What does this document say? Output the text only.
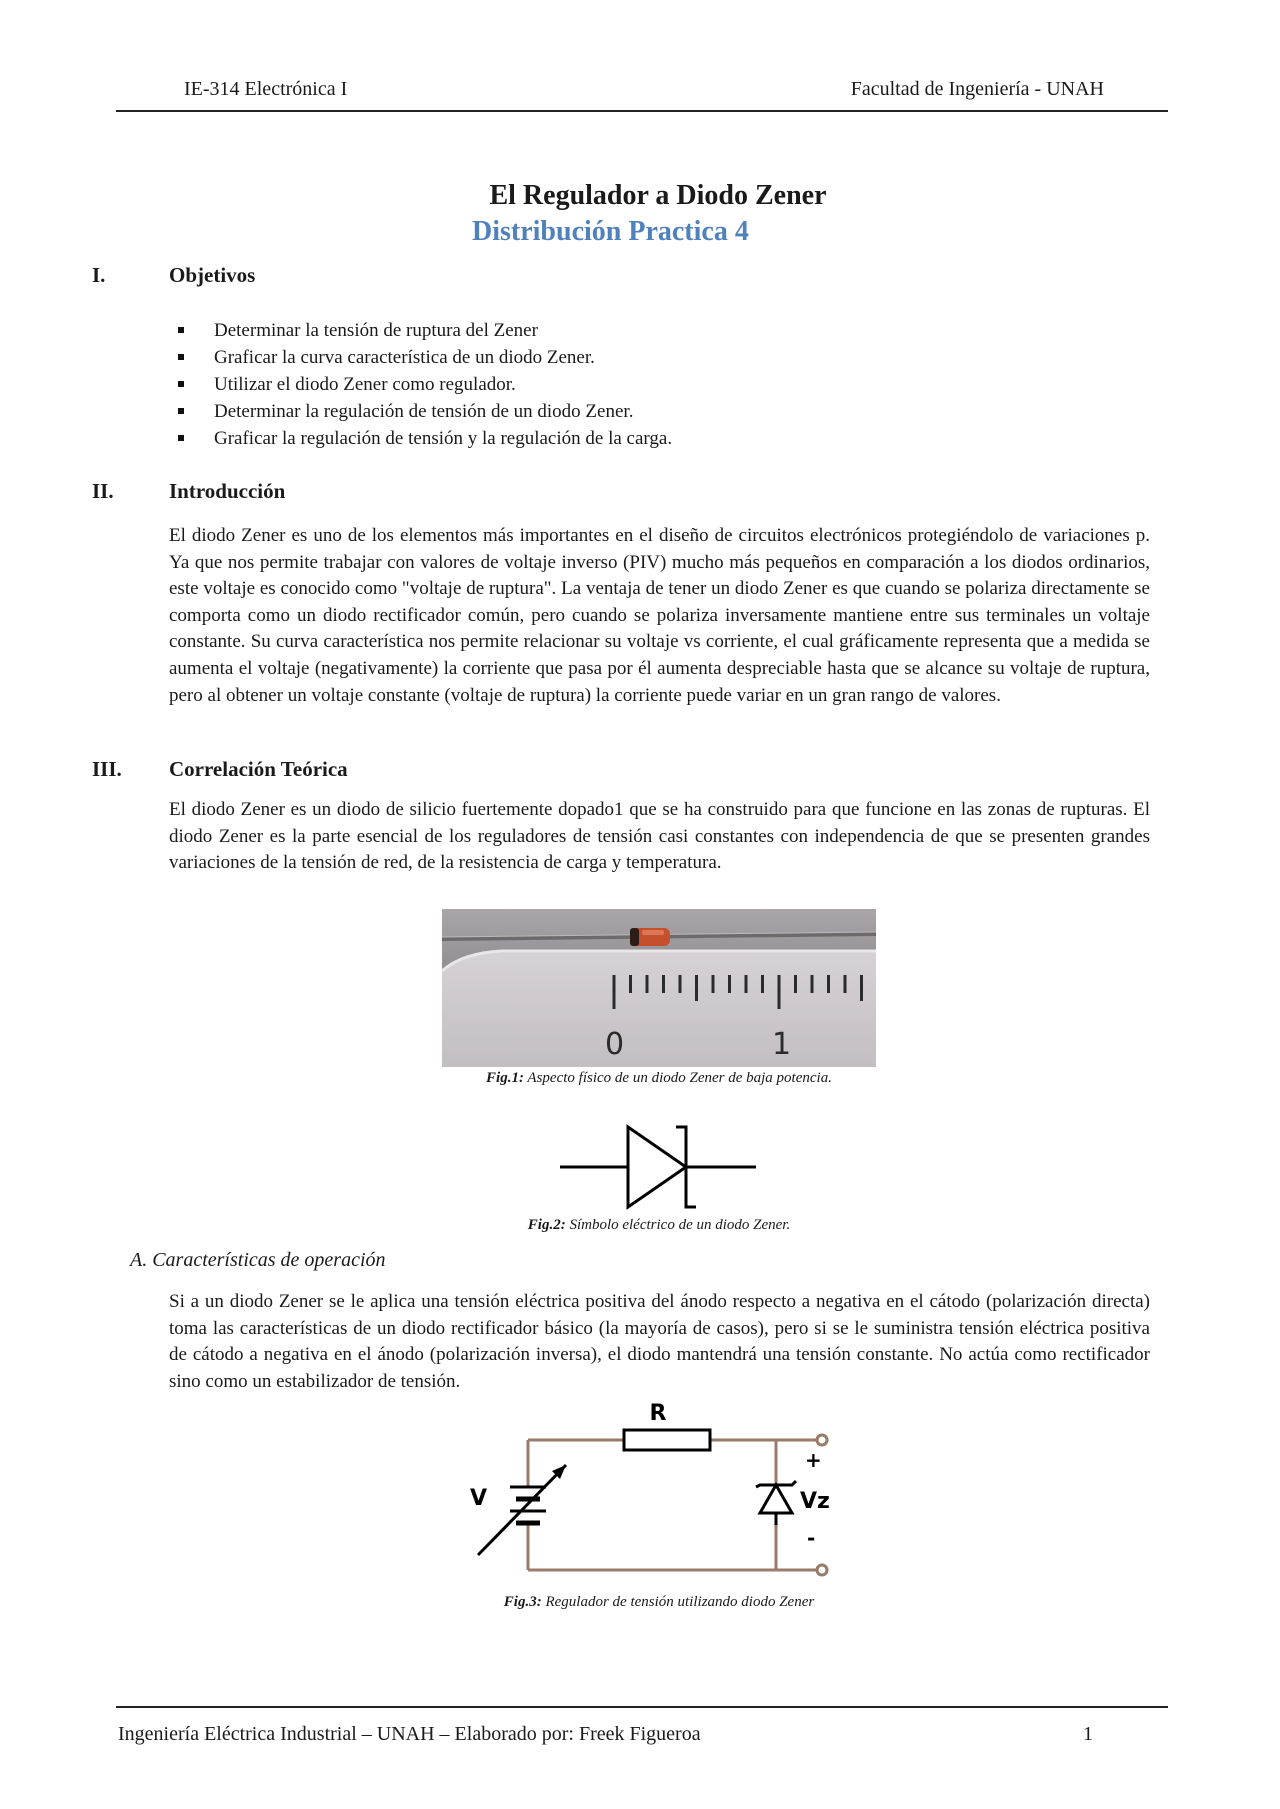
IE-314 Electrónica I	Facultad de Ingeniería - UNAH
El Regulador a Diodo Zener
Distribución Practica 4
I.	Objetivos
Determinar la tensión de ruptura del Zener
Graficar la curva característica de un diodo Zener.
Utilizar el diodo Zener como regulador.
Determinar la regulación de tensión de un diodo Zener.
Graficar la regulación de tensión y la regulación de la carga.
II.	Introducción
El diodo Zener es uno de los elementos más importantes en el diseño de circuitos electrónicos protegiéndolo de variaciones p. Ya que nos permite trabajar con valores de voltaje inverso (PIV) mucho más pequeños en comparación a los diodos ordinarios, este voltaje es conocido como "voltaje de ruptura". La ventaja de tener un diodo Zener es que cuando se polariza directamente se comporta como un diodo rectificador común, pero cuando se polariza inversamente mantiene entre sus terminales un voltaje constante. Su curva característica nos permite relacionar su voltaje vs corriente, el cual gráficamente representa que a medida se aumenta el voltaje (negativamente) la corriente que pasa por él aumenta despreciable hasta que se alcance su voltaje de ruptura, pero al obtener un voltaje constante (voltaje de ruptura) la corriente puede variar en un gran rango de valores.
III. Correlación Teórica
El diodo Zener es un diodo de silicio fuertemente dopado1 que se ha construido para que funcione en las zonas de rupturas. El diodo Zener es la parte esencial de los reguladores de tensión casi constantes con independencia de que se presenten grandes variaciones de la tensión de red, de la resistencia de carga y temperatura.
0	1
Fig.1: Aspecto físico de un diodo Zener de baja potencia.
Fig.2: Símbolo eléctrico de un diodo Zener.
A. Características de operación
Si a un diodo Zener se le aplica una tensión eléctrica positiva del ánodo respecto a negativa en el cátodo (polarización directa) toma las características de un diodo rectificador básico (la mayoría de casos), pero si se le suministra tensión eléctrica positiva de cátodo a negativa en el ánodo (polarización inversa), el diodo mantendrá una tensión constante. No actúa como rectificador sino como un estabilizador de tensión.
R
V
+
Vz
-
Fig.3: Regulador de tensión utilizando diodo Zener
Ingeniería Eléctrica Industrial – UNAH – Elaborado por: Freek Figueroa	1
